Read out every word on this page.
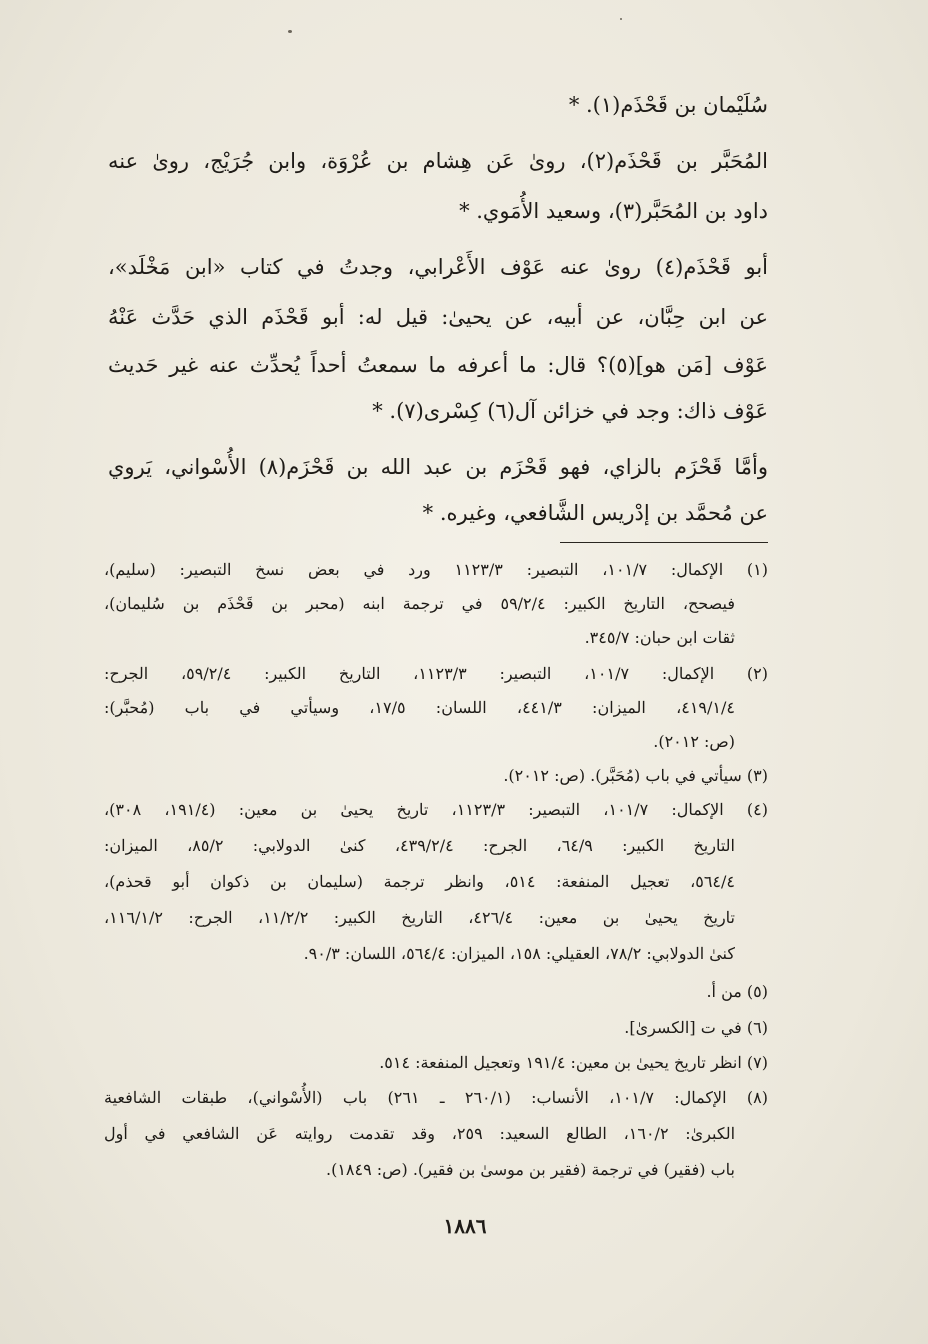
سُلَيْمان بن قَحْذَم(١). *
المُحَبَّر بن قَحْذَم(٢)، روىٰ عَن هِشام بن عُرْوَة، وابن جُرَيْج، روىٰ عنه
داود بن المُحَبَّر(٣)، وسعيد الأُمَوي. *
أبو قَحْذَم(٤) روىٰ عنه عَوْف الأَعْرابي، وجدتُ في كتاب «ابن مَخْلَد»،
عن ابن حِبَّان، عن أبيه، عن يحيىٰ: قيل له: أبو قَحْذَم الذي حَدَّث عَنْهُ
عَوْف [مَن هو](٥)؟ قال: ما أعرفه ما سمعتُ أحداً يُحدِّث عنه غير حَديث
عَوْف ذاك: وجد في خزائن آل(٦) كِسْرى(٧). *
وأمَّا قَحْزَم بالزاي، فهو قَحْزَم بن عبد الله بن قَحْزَم(٨) الأُسْواني، يَروي
عن مُحمَّد بن إدْريس الشَّافعي، وغيره. *
(١) الإكمال: ١٠١/٧، التبصير: ١١٢٣/٣ ورد في بعض نسخ التبصير: (سليم)،
فيصحح، التاريخ الكبير: ٥٩/٢/٤ في ترجمة ابنه (محبر بن قَحْذَم بن سُليمان)،
ثقات ابن حبان: ٣٤٥/٧.
(٢) الإكمال: ١٠١/٧، التبصير: ١١٢٣/٣، التاريخ الكبير: ٥٩/٢/٤، الجرح:
٤١٩/١/٤، الميزان: ٤٤١/٣، اللسان: ١٧/٥، وسيأتي في باب (مُحبَّر):
(ص: ٢٠١٢).
(٣) سيأتي في باب (مُحَبَّر). (ص: ٢٠١٢).
(٤) الإكمال: ١٠١/٧، التبصير: ١١٢٣/٣، تاريخ يحيىٰ بن معين: (١٩١/٤، ٣٠٨)،
التاريخ الكبير: ٦٤/٩، الجرح: ٤٣٩/٢/٤، كنىٰ الدولابي: ٨٥/٢، الميزان:
٥٦٤/٤، تعجيل المنفعة: ٥١٤، وانظر ترجمة (سليمان بن ذكوان أبو قحذم)،
تاريخ يحيىٰ بن معين: ٤٢٦/٤، التاريخ الكبير: ١١/٢/٢، الجرح: ١١٦/١/٢،
كنىٰ الدولابي: ٧٨/٢، العقيلي: ١٥٨، الميزان: ٥٦٤/٤، اللسان: ٩٠/٣.
(٥) من أ.
(٦) في ت [الكسرىٰ].
(٧) انظر تاريخ يحيىٰ بن معين: ١٩١/٤ وتعجيل المنفعة: ٥١٤.
(٨) الإكمال: ١٠١/٧، الأنساب: (٢٦٠/١ ـ ٢٦١) باب (الأُسْواني)، طبقات الشافعية
الكبرىٰ: ١٦٠/٢، الطالع السعيد: ٢٥٩، وقد تقدمت روايته عَن الشافعي في أول
باب (فقير) في ترجمة (فقير بن موسىٰ بن فقير). (ص: ١٨٤٩).
١٨٨٦
